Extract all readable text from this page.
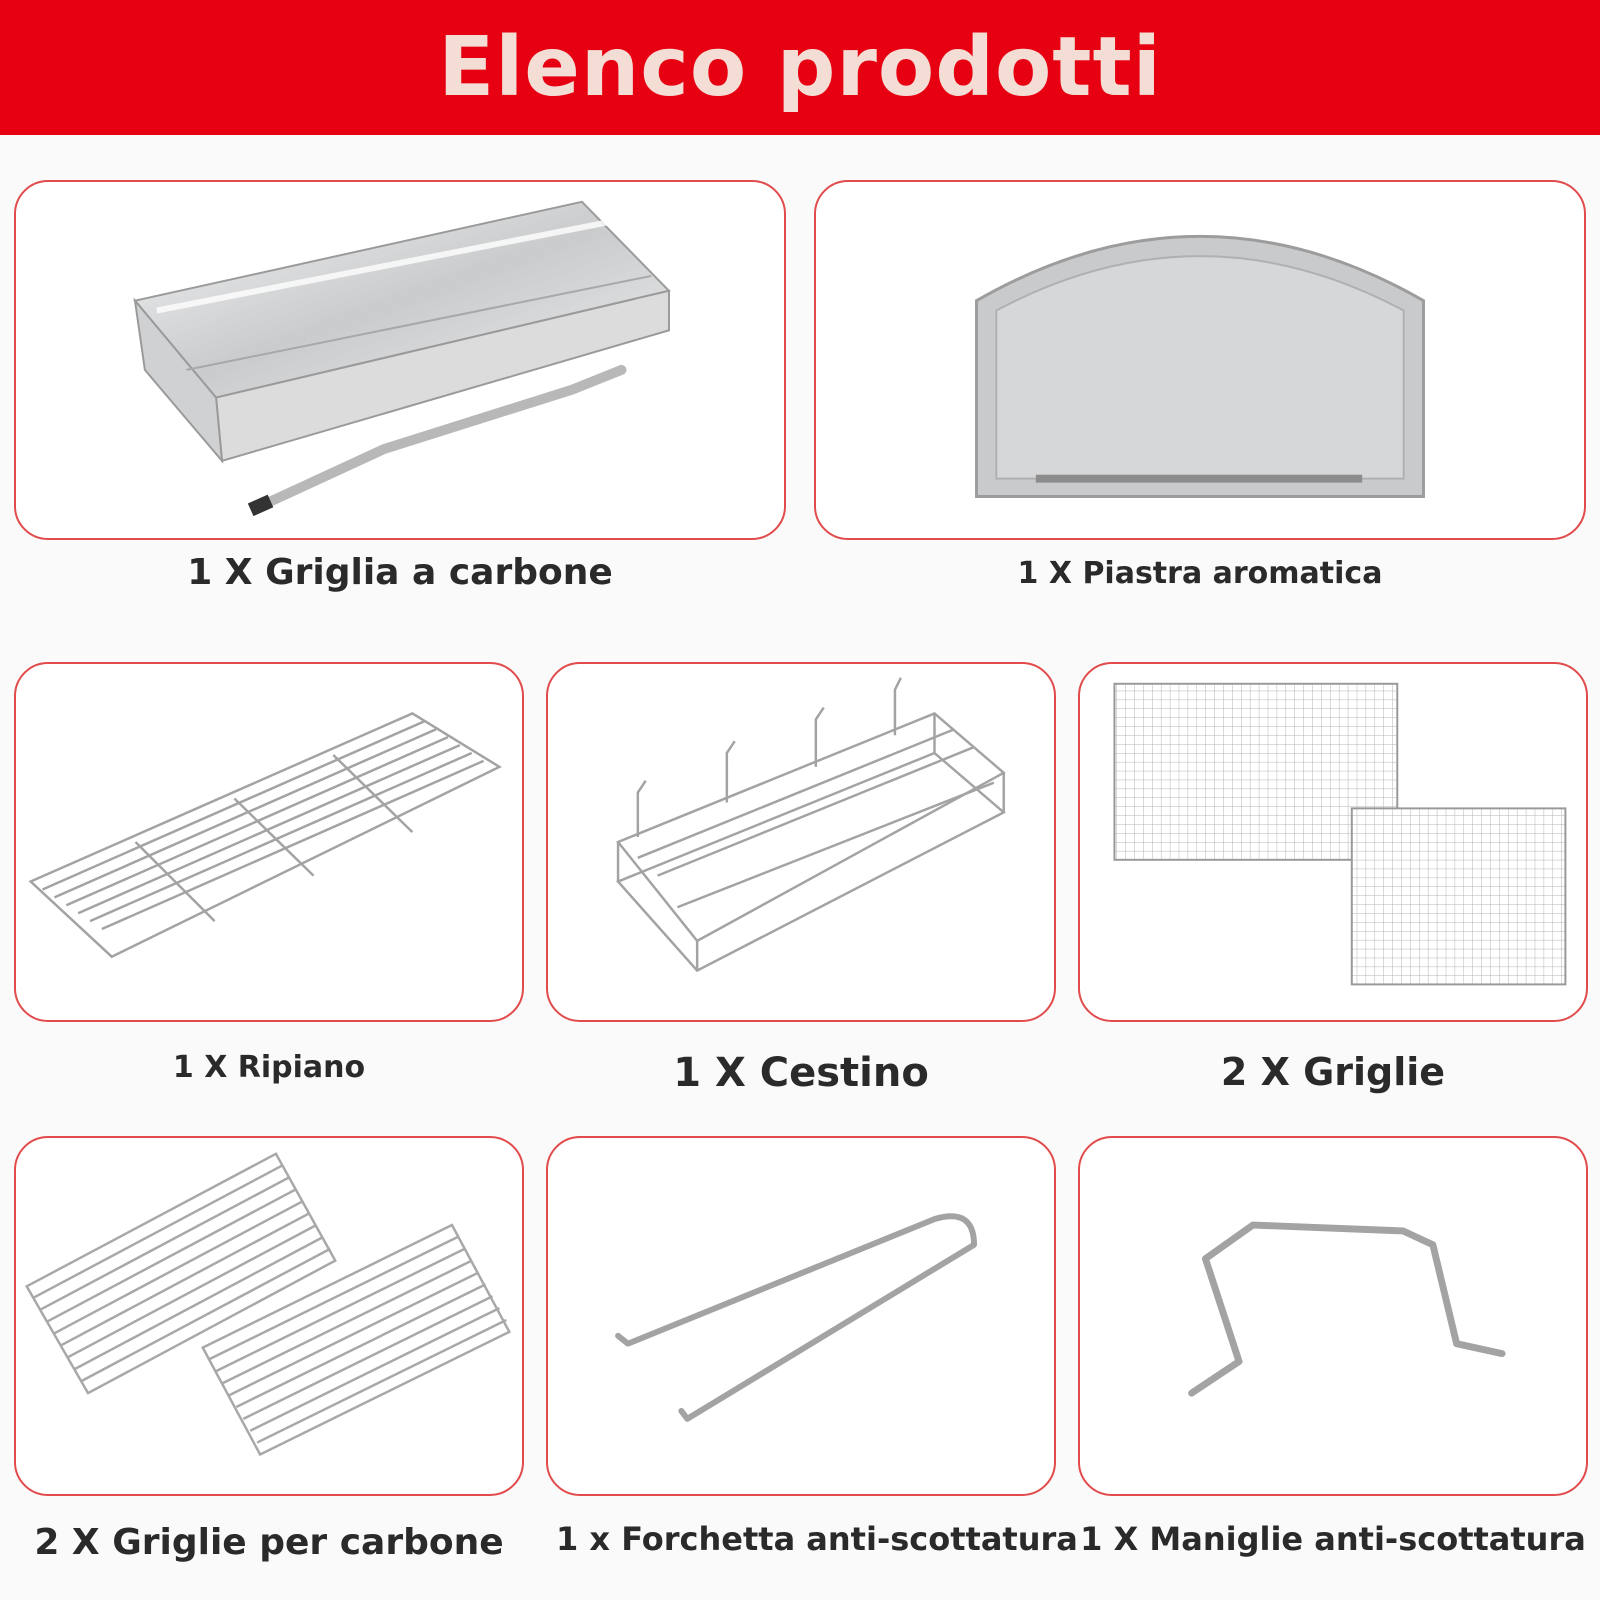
Elenco prodotti
1 X Griglia a carbone	1 X Piastra aromatica
1 X Ripiano	1 X Cestino	2 X Griglie
2 X Griglie per carbone	1 x Forchetta anti-scottatura 1 X Maniglie anti-scottatura
